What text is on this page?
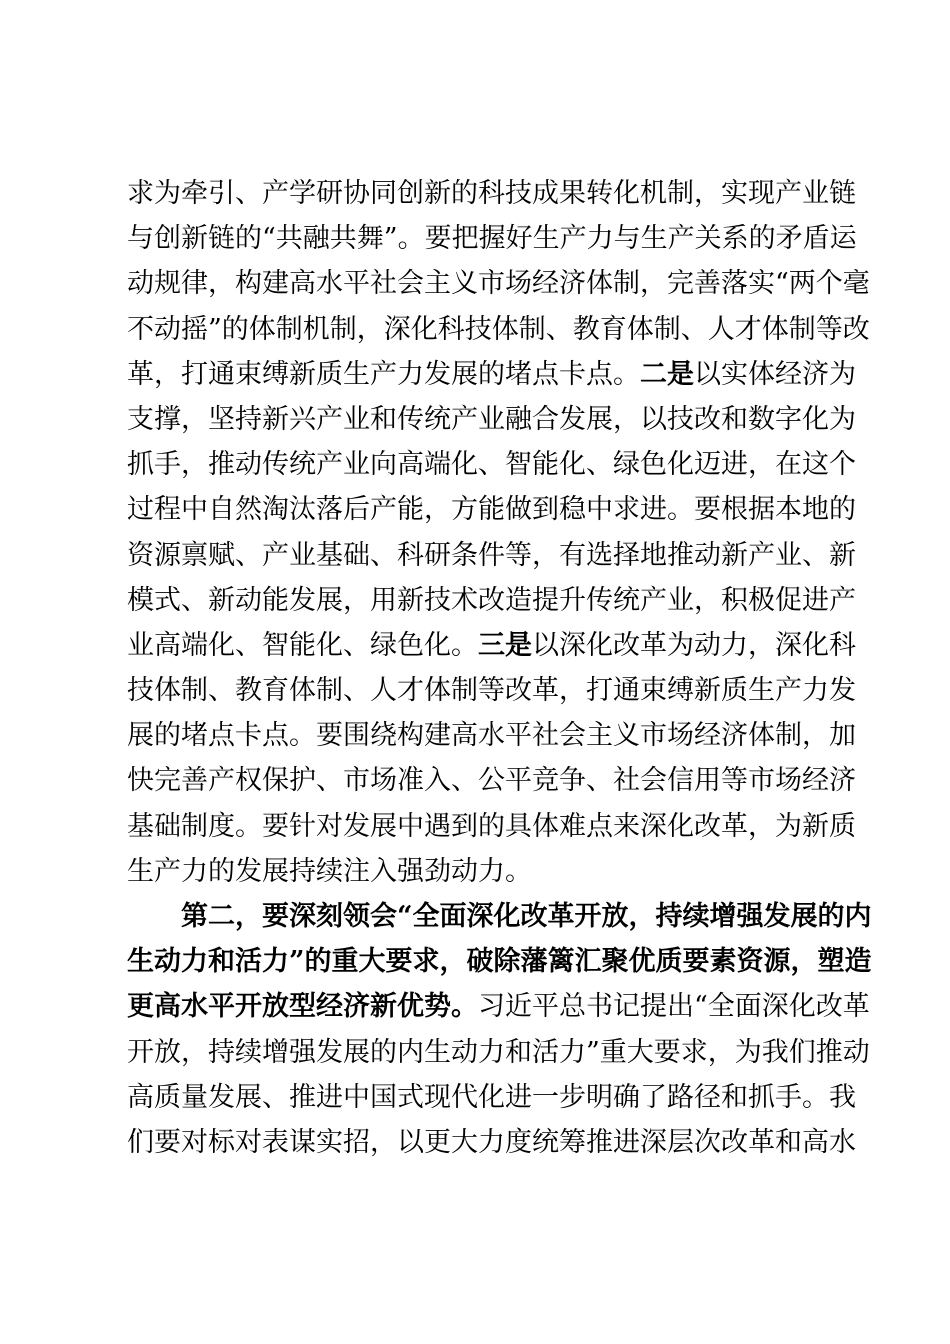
求为牵引、产学研协同创新的科技成果转化机制，实现产业链
与创新链的“共融共舞”。要把握好生产力与生产关系的矛盾运
动规律，构建高水平社会主义市场经济体制，完善落实“两个毫
不动摇”的体制机制，深化科技体制、教育体制、人才体制等改
革，打通束缚新质生产力发展的堵点卡点。二是以实体经济为
支撑，坚持新兴产业和传统产业融合发展，以技改和数字化为
抓手，推动传统产业向高端化、智能化、绿色化迈进，在这个
过程中自然淘汰落后产能，方能做到稳中求进。要根据本地的
资源禀赋、产业基础、科研条件等，有选择地推动新产业、新
模式、新动能发展，用新技术改造提升传统产业，积极促进产
业高端化、智能化、绿色化。三是以深化改革为动力，深化科
技体制、教育体制、人才体制等改革，打通束缚新质生产力发
展的堵点卡点。要围绕构建高水平社会主义市场经济体制，加
快完善产权保护、市场准入、公平竞争、社会信用等市场经济
基础制度。要针对发展中遇到的具体难点来深化改革，为新质
生产力的发展持续注入强劲动力。
第二，要深刻领会“全面深化改革开放，持续增强发展的内
生动力和活力”的重大要求，破除藩篱汇聚优质要素资源，塑造
更高水平开放型经济新优势。习近平总书记提出“全面深化改革
开放，持续增强发展的内生动力和活力”重大要求，为我们推动
高质量发展、推进中国式现代化进一步明确了路径和抓手。我
们要对标对表谋实招，以更大力度统筹推进深层次改革和高水
